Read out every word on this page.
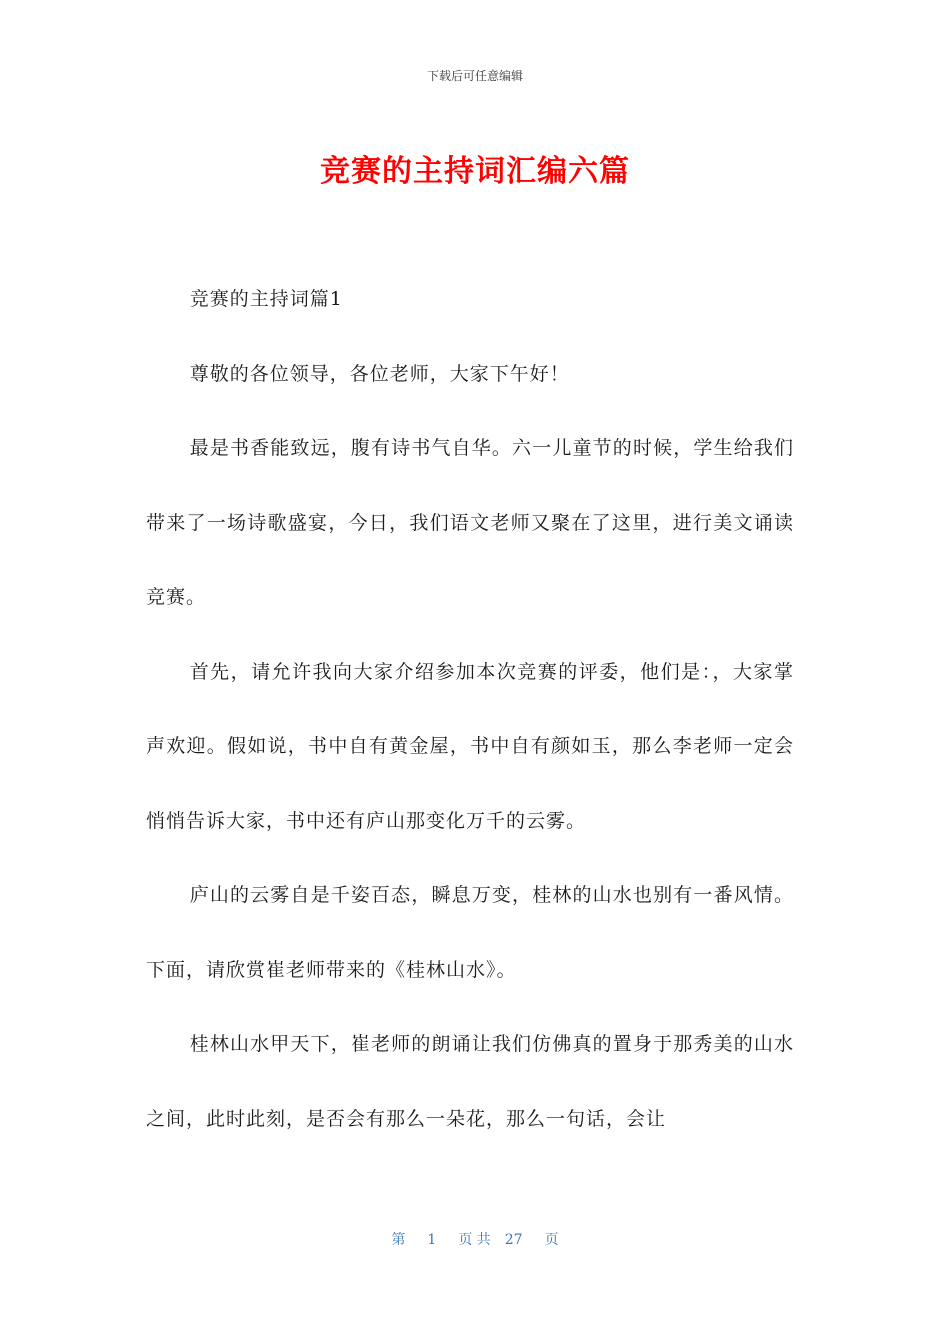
下载后可任意编辑
竞赛的主持词汇编六篇

竞赛的主持词篇1

尊敬的各位领导，各位老师，大家下午好！

最是书香能致远，腹有诗书气自华。六一儿童节的时候，学生给我们带来了一场诗歌盛宴，今日，我们语文老师又聚在了这里，进行美文诵读竞赛。

首先，请允许我向大家介绍参加本次竞赛的评委，他们是：，大家掌声欢迎。假如说，书中自有黄金屋，书中自有颜如玉，那么李老师一定会悄悄告诉大家，书中还有庐山那变化万千的云雾。

庐山的云雾自是千姿百态，瞬息万变，桂林的山水也别有一番风情。下面，请欣赏崔老师带来的《桂林山水》。

桂林山水甲天下，崔老师的朗诵让我们仿佛真的置身于那秀美的山水之间，此时此刻，是否会有那么一朵花，那么一句话，会让

第 1 页 共 27 页
